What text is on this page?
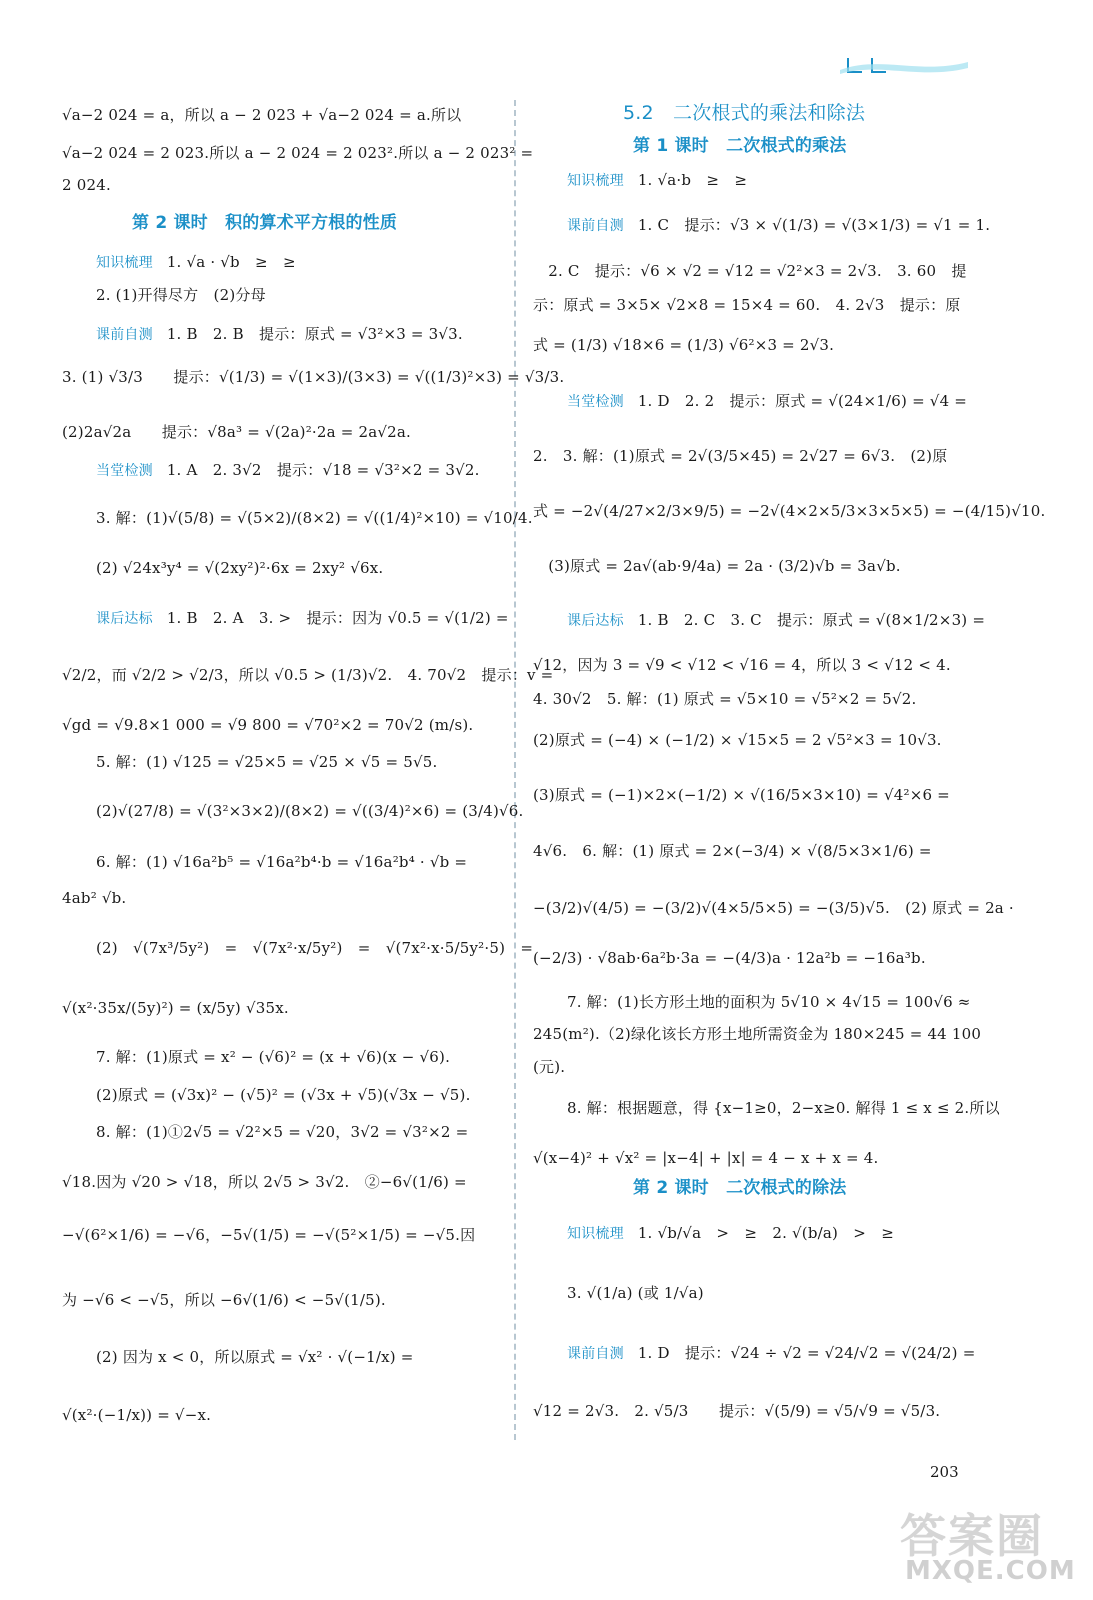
√a−2 024 = a，所以 a − 2 023 + √a−2 024 = a.所以
√a−2 024 = 2 023.所以 a − 2 024 = 2 023².所以 a − 2 023² =
2 024.
第 2 课时　积的算术平方根的性质
知识梳理 1. √a · √b　≥　≥
2. (1)开得尽方　(2)分母
课前自测 1. B　2. B　提示：原式 = √3²×3 = 3√3.
3. (1) √3/3　　提示：√(1/3) = √(1×3)/(3×3) = √((1/3)²×3) = √3/3.
(2)2a√2a　　提示：√8a³ = √(2a)²·2a = 2a√2a.
当堂检测 1. A　2. 3√2　提示：√18 = √3²×2 = 3√2.
3. 解：(1)√(5/8) = √(5×2)/(8×2) = √((1/4)²×10) = √10/4.
(2) √24x³y⁴ = √(2xy²)²·6x = 2xy² √6x.
课后达标 1. B　2. A　3. >　提示：因为 √0.5 = √(1/2) =
√2/2，而 √2/2 > √2/3，所以 √0.5 > (1/3)√2.　4. 70√2　提示：v =
√gd = √9.8×1 000 = √9 800 = √70²×2 = 70√2 (m/s).
5. 解：(1) √125 = √25×5 = √25 × √5 = 5√5.
(2)√(27/8) = √(3²×3×2)/(8×2) = √((3/4)²×6) = (3/4)√6.
6. 解：(1) √16a²b⁵ = √16a²b⁴·b = √16a²b⁴ · √b =
4ab² √b.
(2)　√(7x³/5y²)　=　√(7x²·x/5y²)　=　√(7x²·x·5/5y²·5)　=
√(x²·35x/(5y)²) = (x/5y) √35x.
7. 解：(1)原式 = x² − (√6)² = (x + √6)(x − √6).
(2)原式 = (√3x)² − (√5)² = (√3x + √5)(√3x − √5).
8. 解：(1)①2√5 = √2²×5 = √20，3√2 = √3²×2 =
√18.因为 √20 > √18，所以 2√5 > 3√2.　②−6√(1/6) =
−√(6²×1/6) = −√6，−5√(1/5) = −√(5²×1/5) = −√5.因
为 −√6 < −√5，所以 −6√(1/6) < −5√(1/5).
(2) 因为 x < 0，所以原式 = √x² · √(−1/x) =
√(x²·(−1/x)) = √−x.
5.2　二次根式的乘法和除法
第 1 课时　二次根式的乘法
知识梳理 1. √a·b　≥　≥
课前自测 1. C　提示：√3 × √(1/3) = √(3×1/3) = √1 = 1.
　2. C　提示：√6 × √2 = √12 = √2²×3 = 2√3.　3. 60　提
示：原式 = 3×5× √2×8 = 15×4 = 60.　4. 2√3　提示：原
式 = (1/3) √18×6 = (1/3) √6²×3 = 2√3.
当堂检测 1. D　2. 2　提示：原式 = √(24×1/6) = √4 =
2.　3. 解：(1)原式 = 2√(3/5×45) = 2√27 = 6√3.　(2)原
式 = −2√(4/27×2/3×9/5) = −2√(4×2×5/3×3×5×5) = −(4/15)√10.
　(3)原式 = 2a√(ab·9/4a) = 2a · (3/2)√b = 3a√b.
课后达标 1. B　2. C　3. C　提示：原式 = √(8×1/2×3) =
√12，因为 3 = √9 < √12 < √16 = 4，所以 3 < √12 < 4.
4. 30√2　5. 解：(1) 原式 = √5×10 = √5²×2 = 5√2.
(2)原式 = (−4) × (−1/2) × √15×5 = 2 √5²×3 = 10√3.
(3)原式 = (−1)×2×(−1/2) × √(16/5×3×10) = √4²×6 =
4√6.　6. 解：(1) 原式 = 2×(−3/4) × √(8/5×3×1/6) =
−(3/2)√(4/5) = −(3/2)√(4×5/5×5) = −(3/5)√5.　(2) 原式 = 2a ·
(−2/3) · √8ab·6a²b·3a = −(4/3)a · 12a²b = −16a³b.
7. 解：(1)长方形土地的面积为 5√10 × 4√15 = 100√6 ≈
245(m²).（2)绿化该长方形土地所需资金为 180×245 = 44 100
(元).
8. 解：根据题意，得 {x−1≥0，2−x≥0. 解得 1 ≤ x ≤ 2.所以
√(x−4)² + √x² = |x−4| + |x| = 4 − x + x = 4.
第 2 课时　二次根式的除法
知识梳理 1. √b/√a　>　≥　2. √(b/a)　>　≥
3. √(1/a) (或 1/√a)
课前自测 1. D　提示：√24 ÷ √2 = √24/√2 = √(24/2) =
√12 = 2√3.　2. √5/3　　提示：√(5/9) = √5/√9 = √5/3.
203
答案圈
MXQE.COM
